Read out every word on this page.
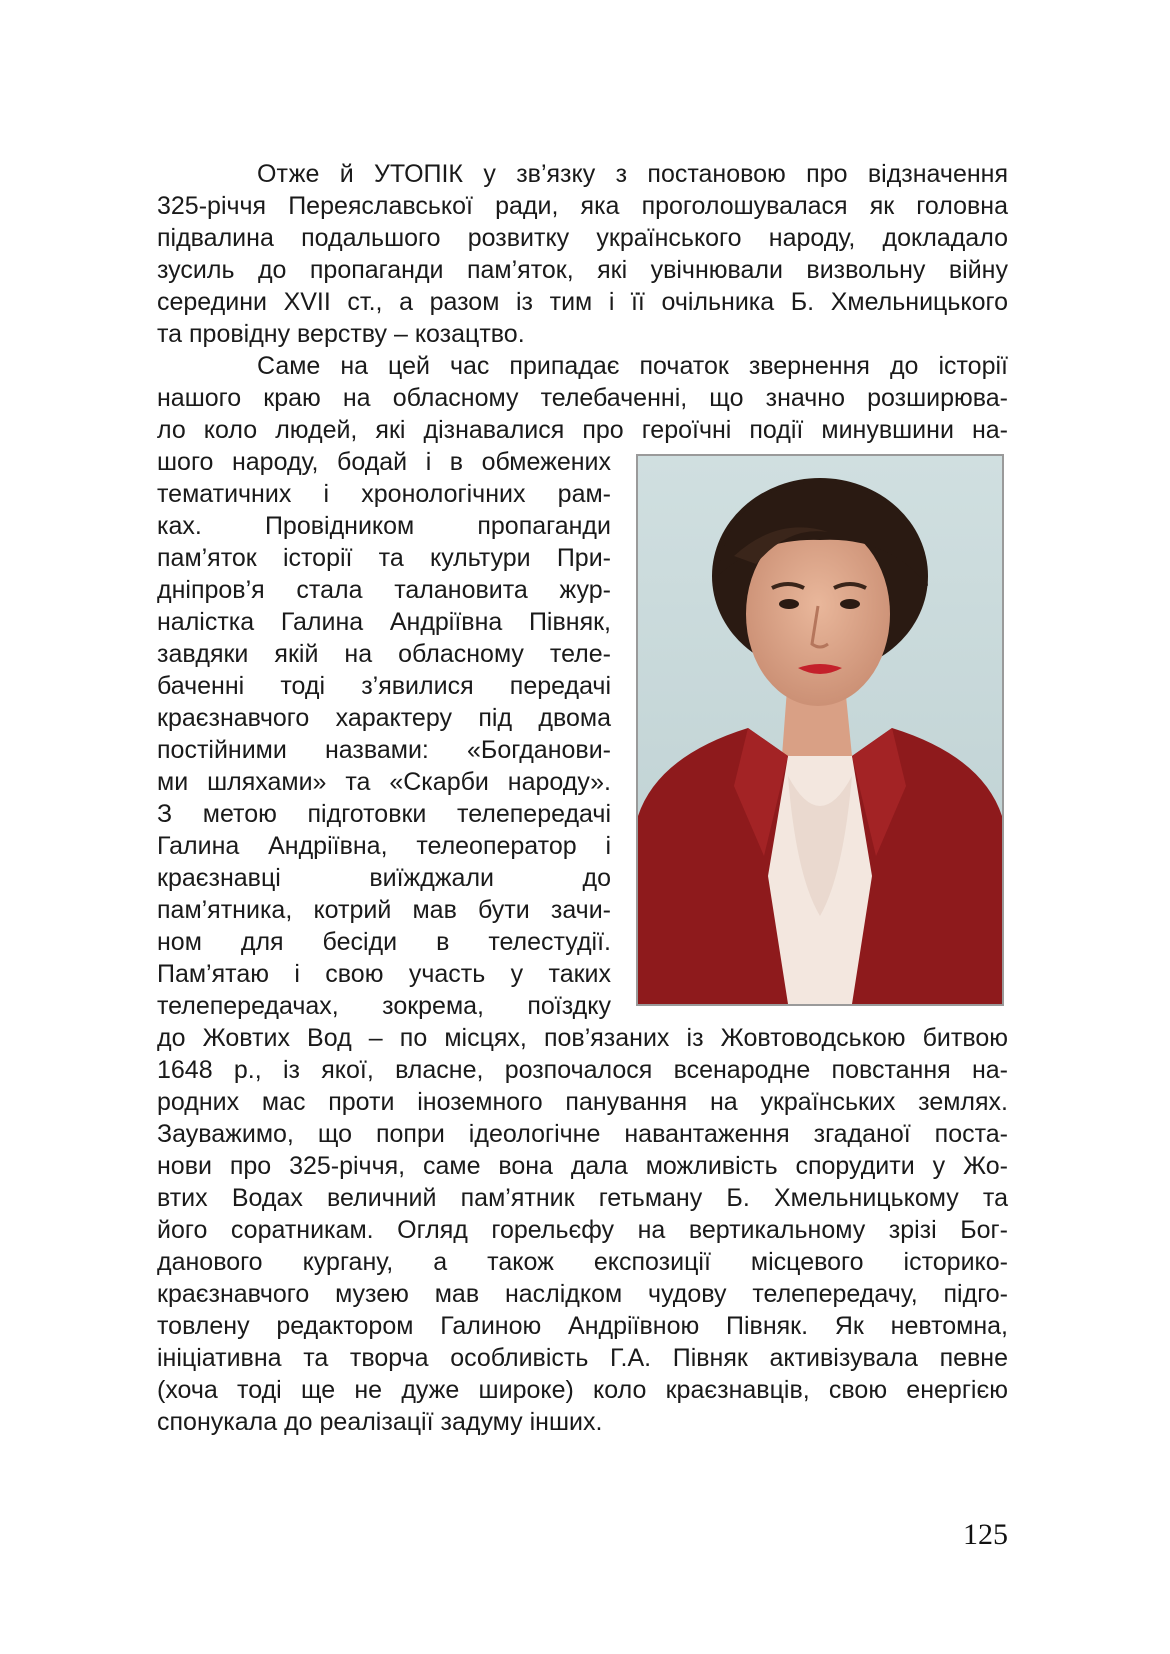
Отже й УТОПІК у зв’язку з постановою про відзначення
325-річчя Переяславської ради, яка проголошувалася як головна
підвалина подальшого розвитку українського народу, докладало
зусиль до пропаганди пам’яток, які увічнювали визвольну війну
середини XVII ст., а разом із тим і її очільника Б. Хмельницького
та провідну верству – козацтво.
Саме на цей час припадає початок звернення до історії
нашого краю на обласному телебаченні, що значно розширюва-
ло коло людей, які дізнавалися про героїчні події минувшини на-
шого народу, бодай і в обмежених
тематичних і хронологічних рам-
ках. Провідником пропаганди
пам’яток історії та культури При-
дніпров’я стала талановита жур-
налістка Галина Андріївна Півняк,
завдяки якій на обласному теле-
баченні тоді з’явилися передачі
краєзнавчого характеру під двома
постійними назвами: «Богданови-
ми шляхами» та «Скарби народу».
З метою підготовки телепередачі
Галина Андріївна, телеоператор і
краєзнавці виїжджали до
пам’ятника, котрий мав бути зачи-
ном для бесіди в телестудії.
Пам’ятаю і свою участь у таких
телепередачах, зокрема, поїздку
до Жовтих Вод – по місцях, пов’язаних із Жовтоводською битвою
1648 р., із якої, власне, розпочалося всенародне повстання на-
родних мас проти іноземного панування на українських землях.
Зауважимо, що попри ідеологічне навантаження згаданої поста-
нови про 325-річчя, саме вона дала можливість спорудити у Жо-
втих Водах величний пам’ятник гетьману Б. Хмельницькому та
його соратникам. Огляд горельєфу на вертикальному зрізі Бог-
данового кургану, а також експозиції місцевого історико-
краєзнавчого музею мав наслідком чудову телепередачу, підго-
товлену редактором Галиною Андріївною Півняк. Як невтомна,
ініціативна та творча особливість Г.А. Півняк активізувала певне
(хоча тоді ще не дуже широке) коло краєзнавців, свою енергією
спонукала до реалізації задуму інших.
125
